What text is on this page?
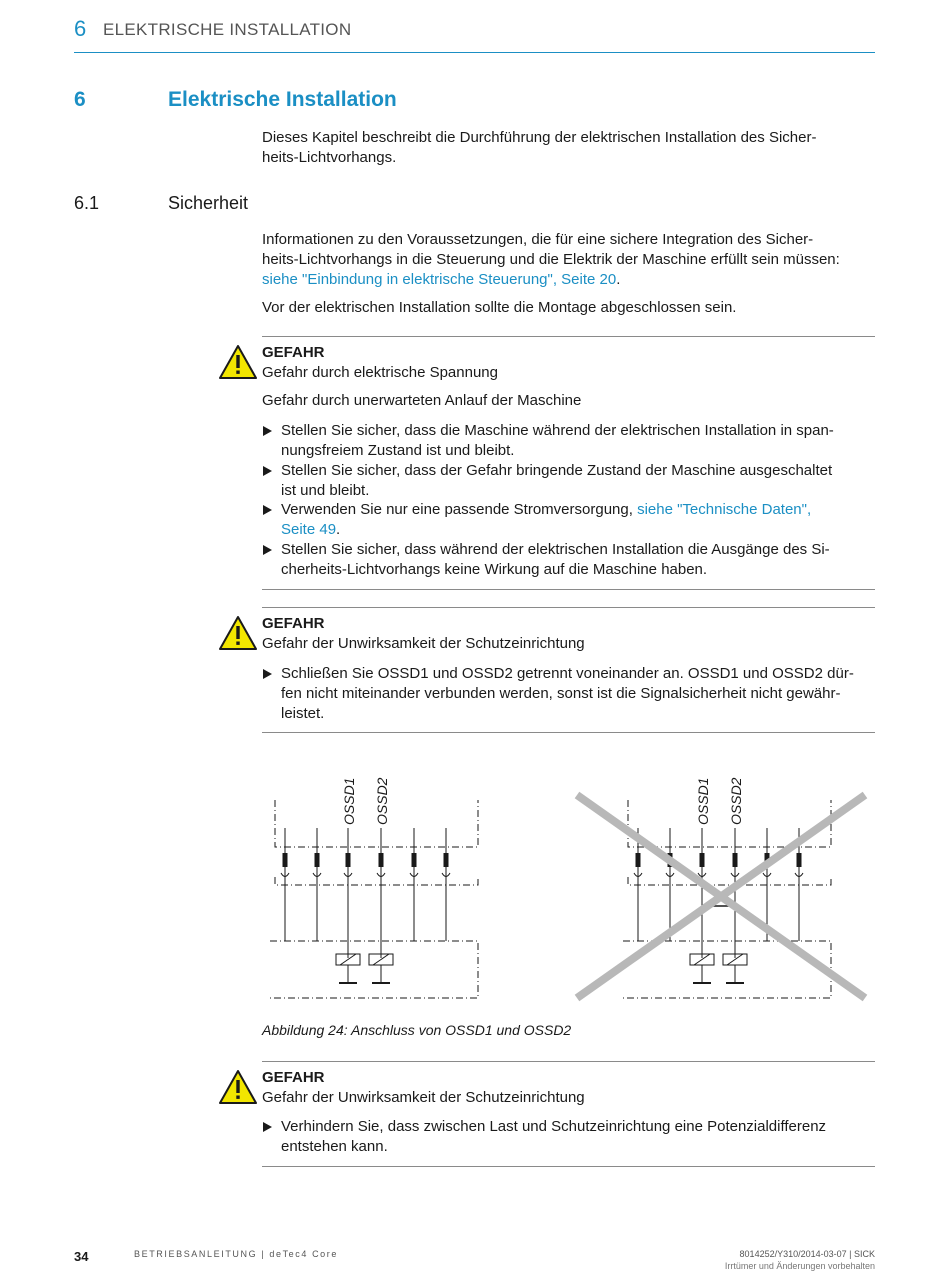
6 ELEKTRISCHE INSTALLATION
6	Elektrische Installation
Dieses Kapitel beschreibt die Durchführung der elektrischen Installation des Sicher-
heits-Lichtvorhangs.
6.1	Sicherheit
Informationen zu den Voraussetzungen, die für eine sichere Integration des Sicher-
heits-Lichtvorhangs in die Steuerung und die Elektrik der Maschine erfüllt sein müssen:
siehe "Einbindung in elektrische Steuerung", Seite 20.
Vor der elektrischen Installation sollte die Montage abgeschlossen sein.
GEFAHR
Gefahr durch elektrische Spannung
Gefahr durch unerwarteten Anlauf der Maschine
Stellen Sie sicher, dass die Maschine während der elektrischen Installation in span-
nungsfreiem Zustand ist und bleibt.
Stellen Sie sicher, dass der Gefahr bringende Zustand der Maschine ausgeschaltet
ist und bleibt.
Verwenden Sie nur eine passende Stromversorgung, siehe "Technische Daten",
Seite 49.
Stellen Sie sicher, dass während der elektrischen Installation die Ausgänge des Si-
cherheits-Lichtvorhangs keine Wirkung auf die Maschine haben.
GEFAHR
Gefahr der Unwirksamkeit der Schutzeinrichtung
Schließen Sie OSSD1 und OSSD2 getrennt voneinander an. OSSD1 und OSSD2 dür-
fen nicht miteinander verbunden werden, sonst ist die Signalsicherheit nicht gewähr-
leistet.
OSSD1 OSSD2	OSSD1 OSSD2
Abbildung 24: Anschluss von OSSD1 und OSSD2
GEFAHR
Gefahr der Unwirksamkeit der Schutzeinrichtung
Verhindern Sie, dass zwischen Last und Schutzeinrichtung eine Potenzialdifferenz
entstehen kann.
34	BETRIEBSANLEITUNG | deTec4 Core	8014252/Y310/2014-03-07 | SICK
Irrtümer und Änderungen vorbehalten
